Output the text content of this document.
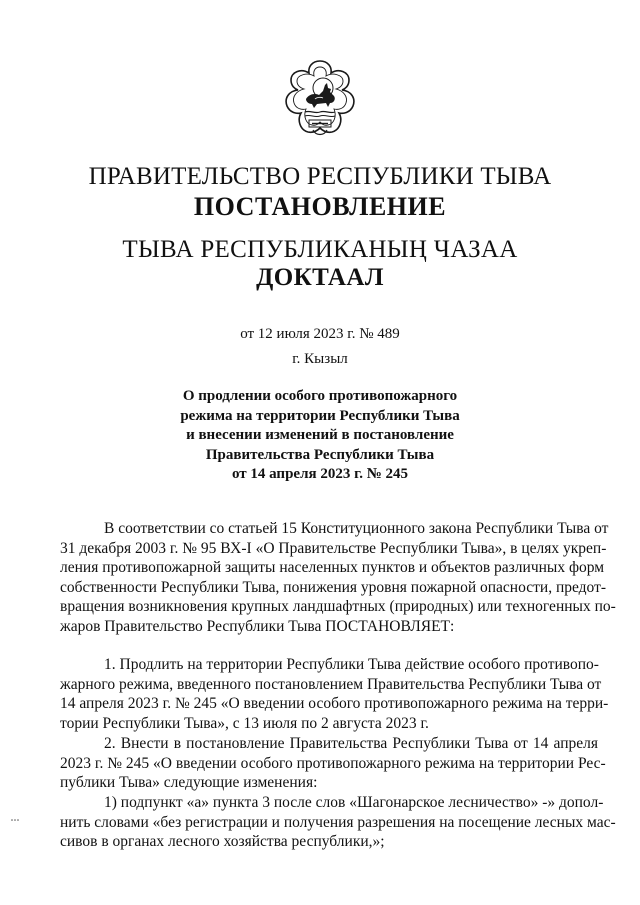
ПРАВИТЕЛЬСТВО РЕСПУБЛИКИ ТЫВА
ПОСТАНОВЛЕНИЕ
ТЫВА РЕСПУБЛИКАНЫҢ ЧАЗАА
ДОКТААЛ
от 12 июля 2023 г. № 489
г. Кызыл
О продлении особого противопожарного
режима на территории Республики Тыва
и внесении изменений в постановление
Правительства Республики Тыва
от 14 апреля 2023 г. № 245
В соответствии со статьей 15 Конституционного закона Республики Тыва от
31 декабря 2003 г. № 95 ВХ-I «О Правительстве Республики Тыва», в целях укреп-
ления противопожарной защиты населенных пунктов и объектов различных форм
собственности Республики Тыва, понижения уровня пожарной опасности, предот-
вращения возникновения крупных ландшафтных (природных) или техногенных по-
жаров Правительство Республики Тыва ПОСТАНОВЛЯЕТ:
1. Продлить на территории Республики Тыва действие особого противопо-
жарного режима, введенного постановлением Правительства Республики Тыва от
14 апреля 2023 г. № 245 «О введении особого противопожарного режима на терри-
тории Республики Тыва», с 13 июля по 2 августа 2023 г.
2. Внести в постановление Правительства Республики Тыва от 14 апреля
2023 г. № 245 «О введении особого противопожарного режима на территории Рес-
публики Тыва» следующие изменения:
1) подпункт «а» пункта 3 после слов «Шагонарское лесничество» -» допол-
нить словами «без регистрации и получения разрешения на посещение лесных мас-
сивов в органах лесного хозяйства республики,»;
